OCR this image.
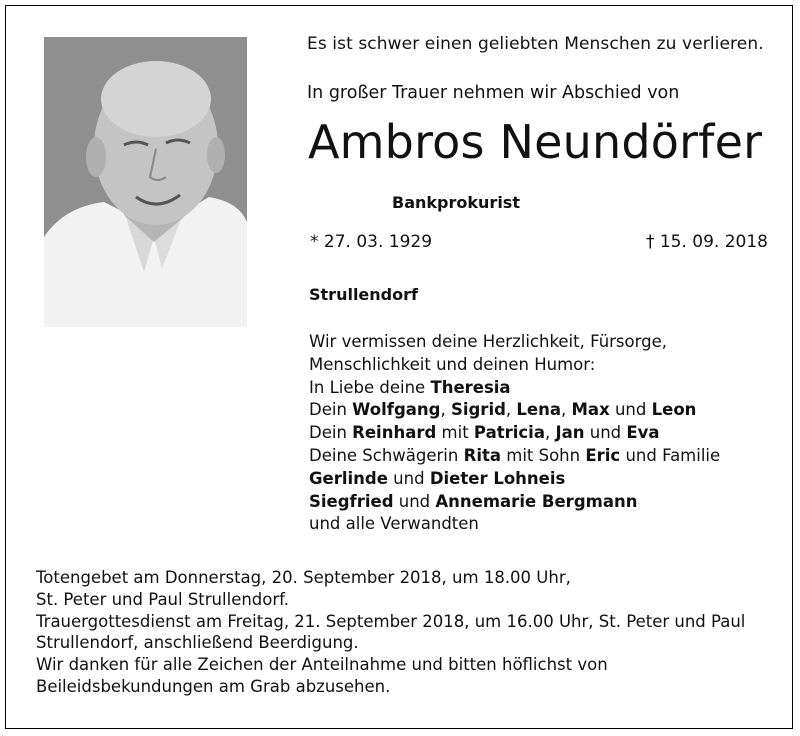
Es ist schwer einen geliebten Menschen zu verlieren.
In großer Trauer nehmen wir Abschied von
Ambros Neundörfer
Bankprokurist
* 27. 03. 1929	† 15. 09. 2018
Strullendorf
Wir vermissen deine Herzlichkeit, Fürsorge,
Menschlichkeit und deinen Humor:
In Liebe deine Theresia
Dein Wolfgang, Sigrid, Lena, Max und Leon
Dein Reinhard mit Patricia, Jan und Eva
Deine Schwägerin Rita mit Sohn Eric und Familie
Gerlinde und Dieter Lohneis
Siegfried und Annemarie Bergmann
und alle Verwandten
Totengebet am Donnerstag, 20. September 2018, um 18.00 Uhr,
St. Peter und Paul Strullendorf.
Trauergottesdienst am Freitag, 21. September 2018, um 16.00 Uhr, St. Peter und Paul
Strullendorf, anschließend Beerdigung.
Wir danken für alle Zeichen der Anteilnahme und bitten höflichst von
Beileidsbekundungen am Grab abzusehen.
